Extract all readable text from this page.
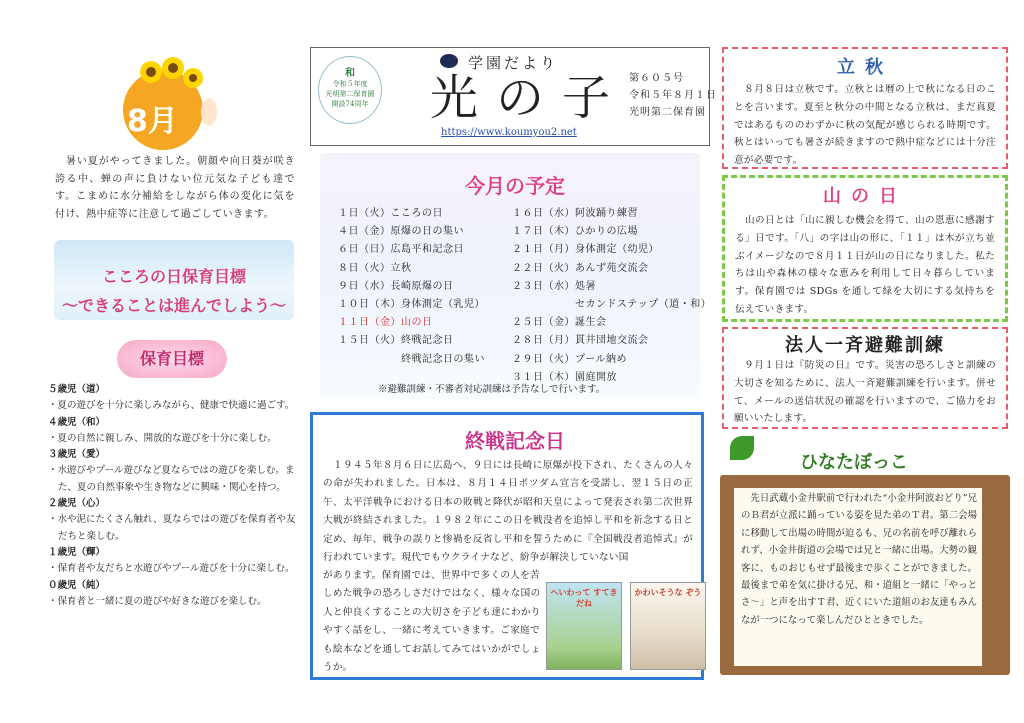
8月
　暑い夏がやってきました。朝顔や向日葵が咲き誇る中、蝉の声に負けない位元気な子ども達です。こまめに水分補給をしながら体の変化に気を付け、熱中症等に注意して過ごしていきます。
こころの日保育目標
～できることは進んでしよう～
保育目標
５歳児（道）
・夏の遊びを十分に楽しみながら、健康で快適に過ごす。
４歳児（和）
・夏の自然に親しみ、開放的な遊びを十分に楽しむ。
３歳児（愛）
・水遊びやプール遊びなど夏ならではの遊びを楽しむ。また、夏の自然事象や生き物などに興味・関心を持つ。
２歳児（心）
・水や泥にたくさん触れ、夏ならではの遊びを保育者や友だちと楽しむ。
１歳児（輝）
・保育者や友だちと水遊びやプール遊びを十分に楽しむ。
０歳児（純）
・保育者と一緒に夏の遊びや好きな遊びを楽しむ。
和
令和５年度
光明第二保育園
開設74周年
学園だより
光の子
https://www.koumyou2.net
第６０５号
令和５年８月１日
光明第二保育園
今月の予定
１日（火）こころの日
４日（金）原爆の日の集い
６日（日）広島平和記念日
８日（火）立秋
９日（水）長崎原爆の日
１０日（木）身体測定（乳児）
１１日（金）山の日
１５日（火）終戦記念日
　　　　　　終戦記念日の集い
１６日（水）阿波踊り練習
１７日（木）ひかりの広場
２１日（月）身体測定（幼児）
２２日（火）あんず苑交流会
２３日（水）処暑
　　　　　　セカンドステップ（道・和）
２５日（金）誕生会
２８日（月）貫井団地交流会
２９日（火）プール納め
３１日（木）園庭開放
※避難訓練・不審者対応訓練は予告なしで行います。
終戦記念日
　１９４５年８月６日に広島へ、９日には長崎に原爆が投下され、たくさんの人々の命が失われました。日本は、８月１４日ポツダム宣言を受諾し、翌１５日の正午、太平洋戦争における日本の敗戦と降伏が昭和天皇によって発表され第二次世界大戦が終結されました。１９８２年にこの日を戦没者を追悼し平和を祈念する日と定め、毎年、戦争の誤りと惨禍を反省し平和を誓うために『全国戦没者追悼式』が行われています。現代でもウクライナなど、紛争が解決していない国
があります。保育園では、世界中で多くの人を苦しめた戦争の恐ろしさだけではなく、様々な国の人と仲良くすることの大切さを子ども達にわかりやすく話をし、一緒に考えていきます。ご家庭でも絵本などを通してお話してみてはいかがでしょうか。
へいわって すてきだね
かわいそうな ぞう
立秋
　８月８日は立秋です。立秋とは暦の上で秋になる日のことを言います。夏至と秋分の中間となる立秋は、まだ真夏ではあるもののわずかに秋の気配が感じられる時期です。秋とはいっても暑さが続きますので熱中症などには十分注意が必要です。
山の日
　山の日とは「山に親しむ機会を得て、山の恩恵に感謝する」日です。「八」の字は山の形に、「１１」は木が立ち並ぶイメージなので８月１１日が山の日になりました。私たちは山や森林の様々な恵みを利用して日々暮らしています。保育園では SDGs を通して緑を大切にする気持ちを伝えていきます。
法人一斉避難訓練
　９月１日は『防災の日』です。災害の恐ろしさと訓練の大切さを知るために、法人一斉避難訓練を行います。併せて、メールの送信状況の確認を行いますので、ご協力をお願いいたします。
ひなたぼっこ
　先日武蔵小金井駅前で行われた“小金井阿波おどり”兄のＢ君が立派に踊っている姿を見た弟のＴ君。第二会場に移動して出場の時間が迫るも、兄の名前を呼び離れられず、小金井街道の会場では兄と一緒に出場。大勢の観客に、ものおじもせず最後まで歩くことができました。最後まで弟を気に掛ける兄、和・道組と一緒に「やっとさ～」と声を出すＴ君、近くにいた道組のお友達もみんなが一つになって楽しんだひとときでした。
